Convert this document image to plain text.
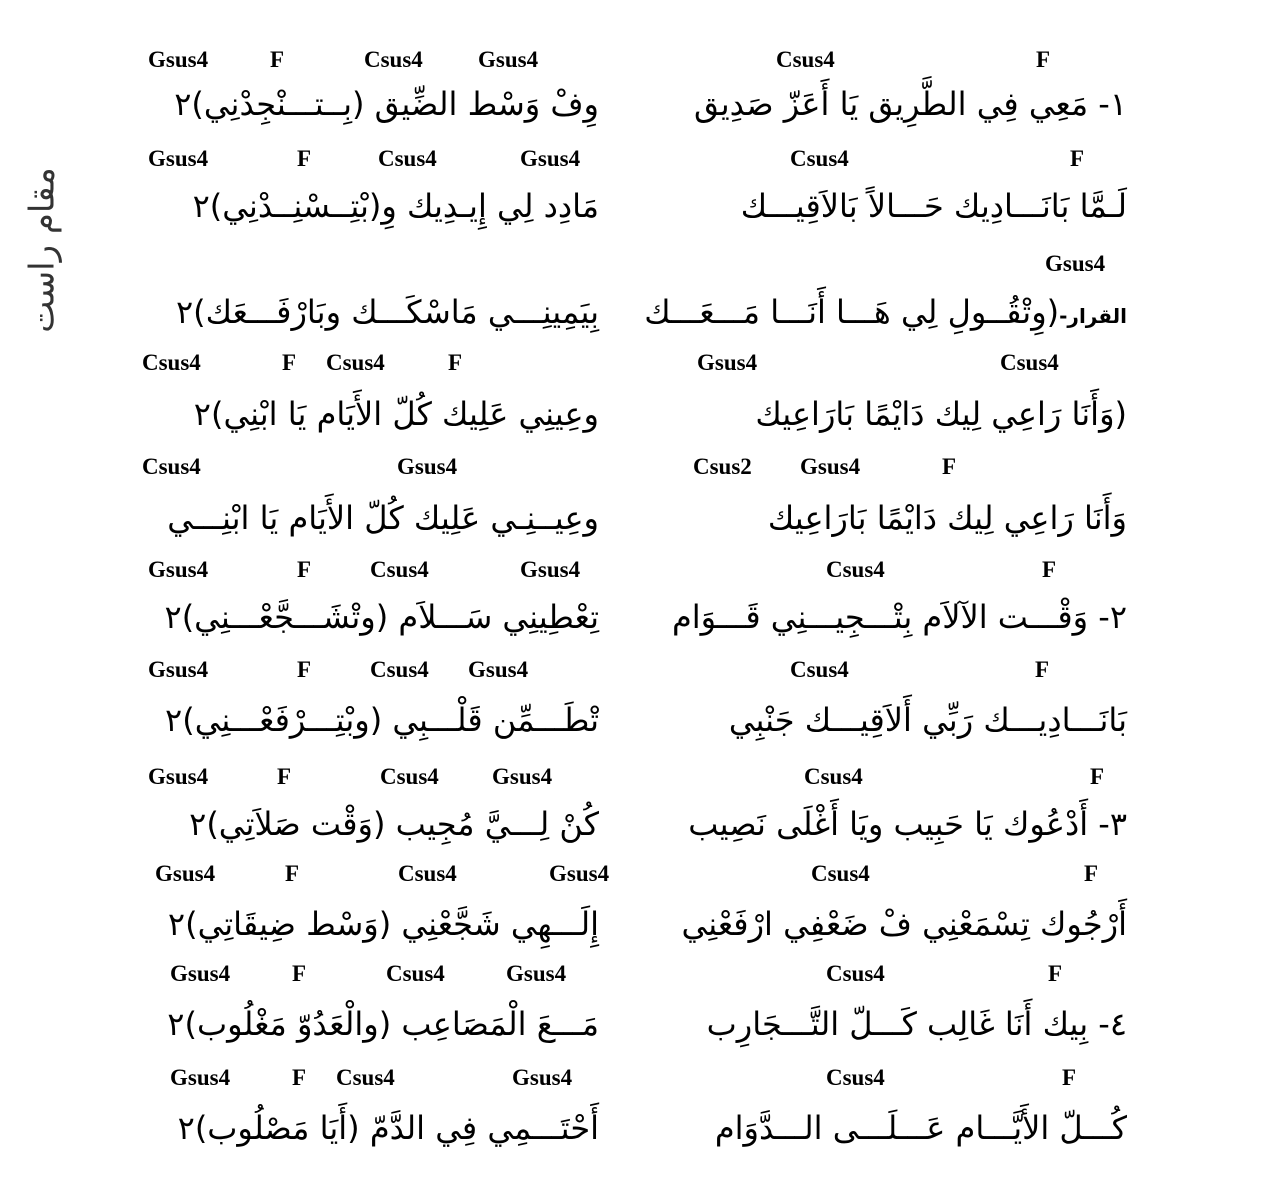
مقام راست
Gsus4	F	Csus4 Gsus4	Csus4	F
١- مَعِي فِي الطَّرِيق يَا أَعَزّ صَدِيق
وِفْ وَسْط الضِّيق (بِــتـــنْجِدْنِي)٢
Gsus4	F	Csus4	Gsus4	Csus4	F
لَـمَّا بَانَـــادِيك حَـــالاً بَالاَقِيـــك
مَادِد لِي إِيـدِيك وِ(بْتِــسْنِــدْنِي)٢
Gsus4
القرار-(وِتْقُــولِ لِي هَـــا أَنَـــا مَـــعَـــك
بِيَمِينِـــي مَاسْكَـــك وبَارْفَـــعَك)٢
Csus4	F Csus4	F	Gsus4	Csus4
(وَأَنَا رَاعِي لِيك دَايْمًا بَارَاعِيك
وعِينِي عَلِيك كُلّ الأَيَام يَا ابْنِي)٢
Csus4	Gsus4	Csus2 Gsus4	F
وَأَنَا رَاعِي لِيك دَايْمًا بَارَاعِيك
وعِيــنِـي عَلِيك كُلّ الأَيَام يَا ابْنِـــي
Gsus4	F	Csus4	Gsus4	Csus4	F
٢- وَقْـــت الآلاَم بِتْـــجِيـــنِي قَـــوَام
تِعْطِينِي سَـــلاَم (وتْشَـــجَّعْـــنِي)٢
Gsus4	F	Csus4 Gsus4	Csus4	F
بَانَـــادِيـــك رَبِّي أَلاَقِيـــك جَنْبِي
تْطَـــمِّن قَلْـــبِي (وبْتِـــرْفَعْـــنِي)٢
Gsus4	F	Csus4 Gsus4	Csus4	F
٣- أَدْعُوك يَا حَبِيب ويَا أَغْلَى نَصِيب
كُنْ لِـــيَّ مُجِيب (وَقْت صَلاَتِي)٢
Gsus4	F	Csus4	Gsus4	Csus4	F
أَرْجُوك تِسْمَعْنِي فْ ضَعْفِي ارْفَعْنِي
إِلَـــهِي شَجَّعْنِي (وَسْط ضِيقَاتِي)٢
Gsus4	F	Csus4	Gsus4	Csus4	F
٤- بِيك أَنَا غَالِب كَـــلّ التَّـــجَارِب
مَـــعَ الْمَصَاعِب (والْعَدُوّ مَغْلُوب)٢
Gsus4	F Csus4	Gsus4	Csus4	F
كُـــلّ الأَيَّـــام عَـــلَـــى الـــدَّوَام
أَحْتَـــمِي فِي الدَّمّ (أَيَا مَصْلُوب)٢
